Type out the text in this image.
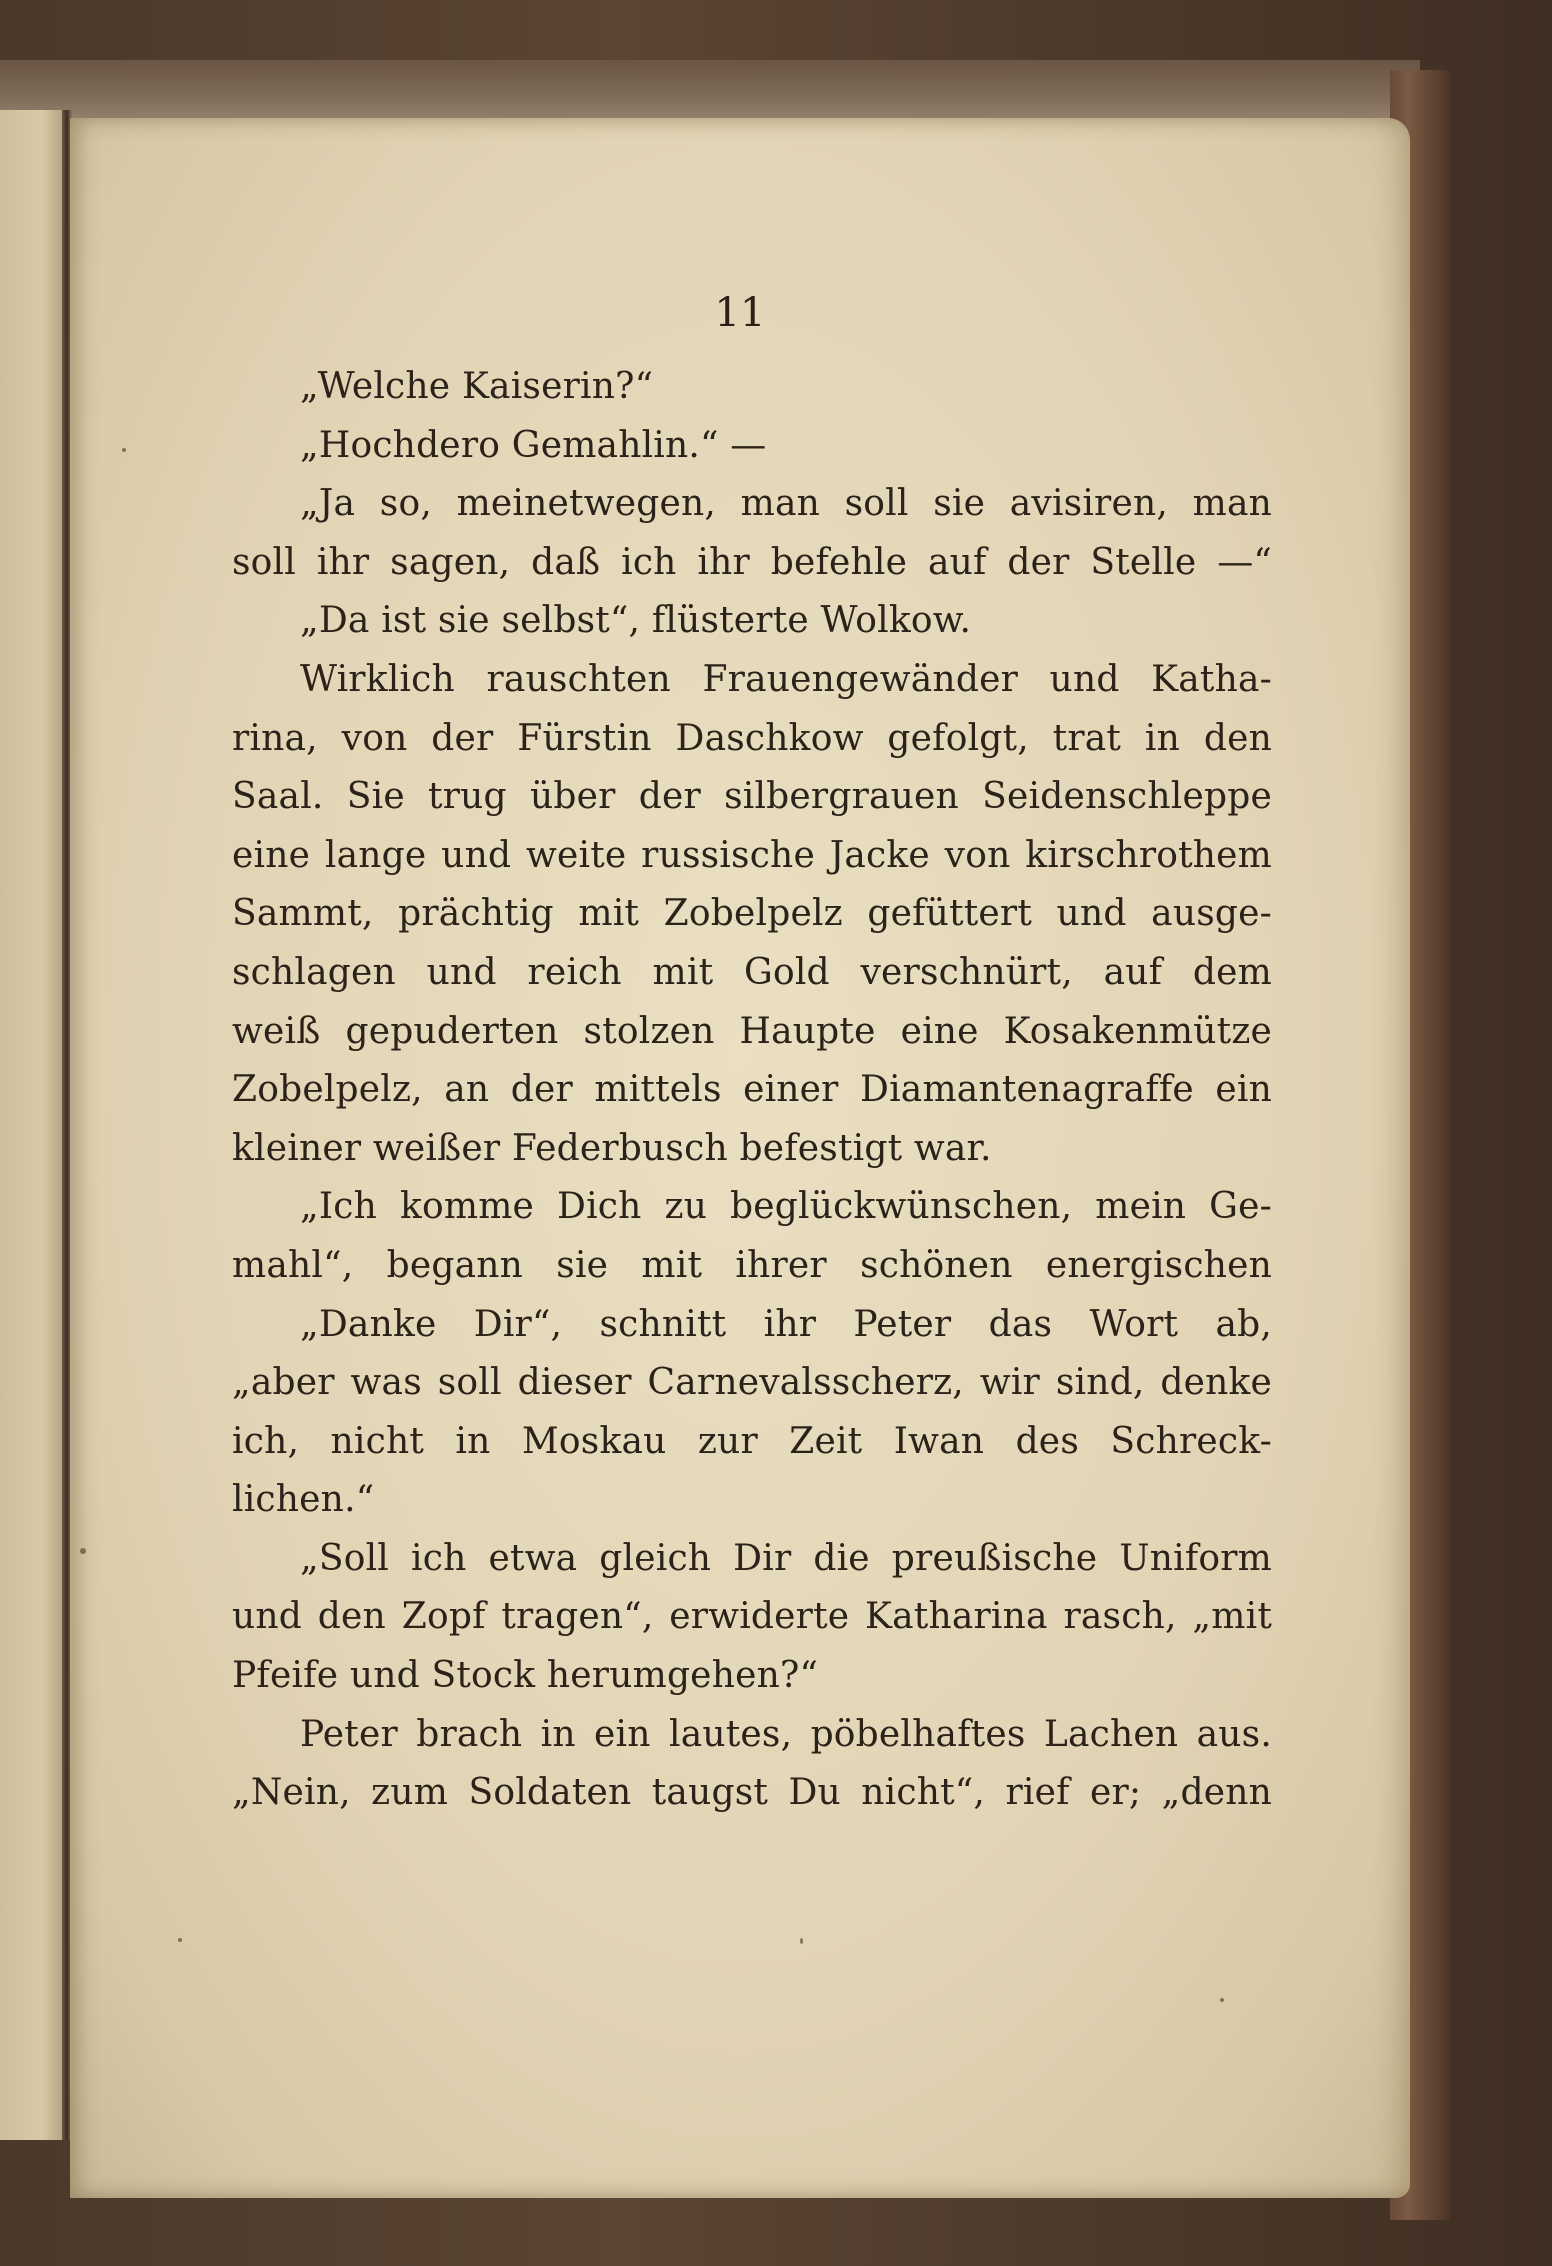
11
„Welche Kaiserin?“
„Hochdero Gemahlin.“ —
„Ja so, meinetwegen, man soll sie avisiren, man
soll ihr sagen, daß ich ihr befehle auf der Stelle —“
„Da ist sie selbst“, flüsterte Wolkow.
Wirklich rauschten Frauengewänder und Katha-
rina, von der Fürstin Daschkow gefolgt, trat in den
Saal. Sie trug über der silbergrauen Seidenschleppe
eine lange und weite russische Jacke von kirschrothem
Sammt, prächtig mit Zobelpelz gefüttert und ausge-
schlagen und reich mit Gold verschnürt, auf dem
weiß gepuderten stolzen Haupte eine Kosakenmütze
Zobelpelz, an der mittels einer Diamantenagraffe ein
kleiner weißer Federbusch befestigt war.
„Ich komme Dich zu beglückwünschen, mein Ge-
mahl“, begann sie mit ihrer schönen energischen
„Danke Dir“, schnitt ihr Peter das Wort ab,
„aber was soll dieser Carnevalsscherz, wir sind, denke
ich, nicht in Moskau zur Zeit Iwan des Schreck-
lichen.“
„Soll ich etwa gleich Dir die preußische Uniform
und den Zopf tragen“, erwiderte Katharina rasch, „mit
Pfeife und Stock herumgehen?“
Peter brach in ein lautes, pöbelhaftes Lachen aus.
„Nein, zum Soldaten taugst Du nicht“, rief er; „denn
